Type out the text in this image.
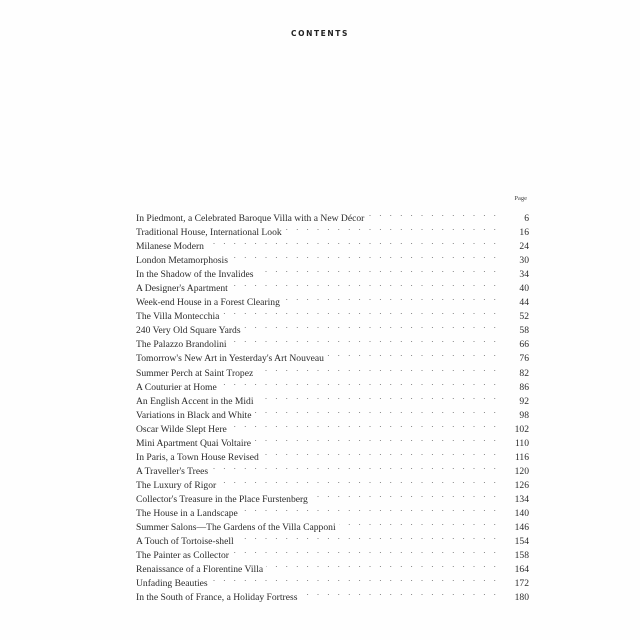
CONTENTS
Page
In Piedmont, a Celebrated Baroque Villa with a New Décor . . .	6
Traditional House, International Look . . .	16
Milanese Modern . . .	24
London Metamorphosis . . .	30
In the Shadow of the Invalides . . .	34
A Designer's Apartment . . .	40
Week-end House in a Forest Clearing . . .	44
The Villa Montecchia . . .	52
240 Very Old Square Yards . . .	58
The Palazzo Brandolini . . .	66
Tomorrow's New Art in Yesterday's Art Nouveau . . .	76
Summer Perch at Saint Tropez . . .	82
A Couturier at Home . . .	86
An English Accent in the Midi . . .	92
Variations in Black and White . . .	98
Oscar Wilde Slept Here . . .	102
Mini Apartment Quai Voltaire . . .	110
In Paris, a Town House Revised . . .	116
A Traveller's Trees . . .	120
The Luxury of Rigor . . .	126
Collector's Treasure in the Place Furstenberg . . .	134
The House in a Landscape . . .	140
Summer Salons—The Gardens of the Villa Capponi . . .	146
A Touch of Tortoise-shell . . .	154
The Painter as Collector . . .	158
Renaissance of a Florentine Villa . . .	164
Unfading Beauties . . .	172
In the South of France, a Holiday Fortress . . .	180
